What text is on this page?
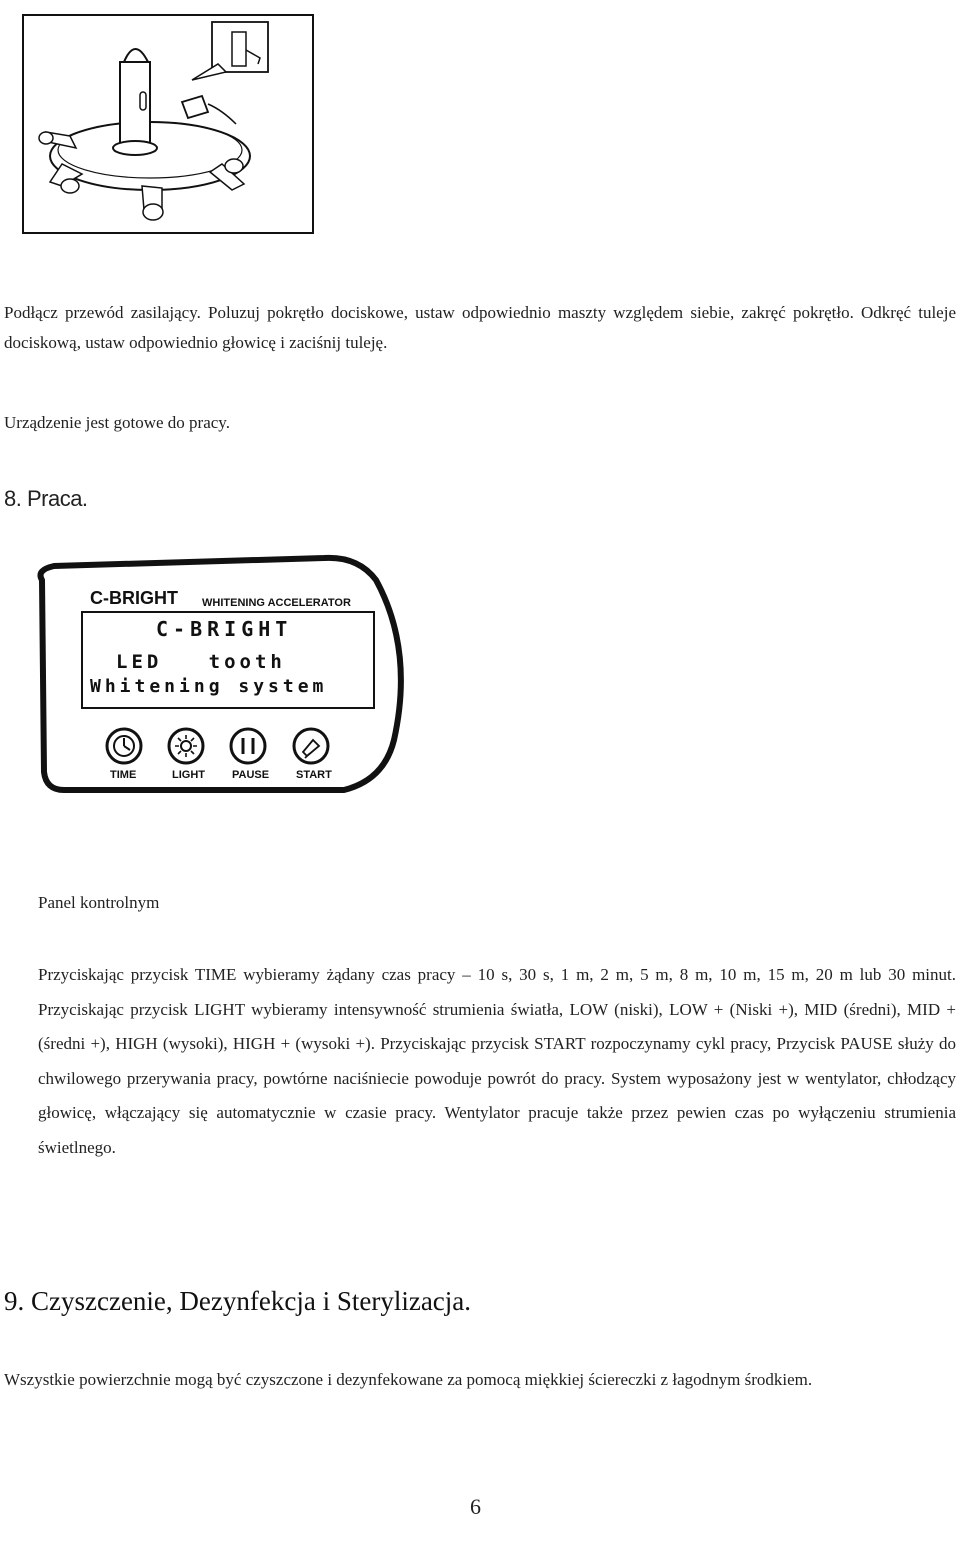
Podłącz przewód zasilający. Poluzuj pokrętło dociskowe, ustaw odpowiednio maszty względem siebie, zakręć pokrętło. Odkręć tuleje dociskową, ustaw odpowiednio głowicę i zaciśnij tuleję.
Urządzenie jest gotowe do pracy.
8. Praca.
C-BRIGHT WHITENING ACCELERATOR
C-BRIGHT
LED   tooth
Whitening system
TIME	LIGHT PAUSE START
Panel kontrolnym
Przyciskając przycisk TIME wybieramy żądany czas pracy – 10 s, 30 s, 1 m, 2 m, 5 m, 8 m, 10 m, 15 m, 20 m lub 30 minut. Przyciskając przycisk LIGHT wybieramy intensywność strumienia światła, LOW (niski), LOW + (Niski +), MID (średni), MID + (średni +), HIGH (wysoki), HIGH + (wysoki +). Przyciskając przycisk START rozpoczynamy cykl pracy, Przycisk PAUSE służy do chwilowego przerywania pracy, powtórne naciśniecie powoduje powrót do pracy. System wyposażony jest w wentylator, chłodzący głowicę, włączający się automatycznie w czasie pracy. Wentylator pracuje także przez pewien czas po wyłączeniu strumienia świetlnego.
9. Czyszczenie, Dezynfekcja i Sterylizacja.
Wszystkie powierzchnie mogą być czyszczone i dezynfekowane za pomocą miękkiej ściereczki z łagodnym środkiem.
6
